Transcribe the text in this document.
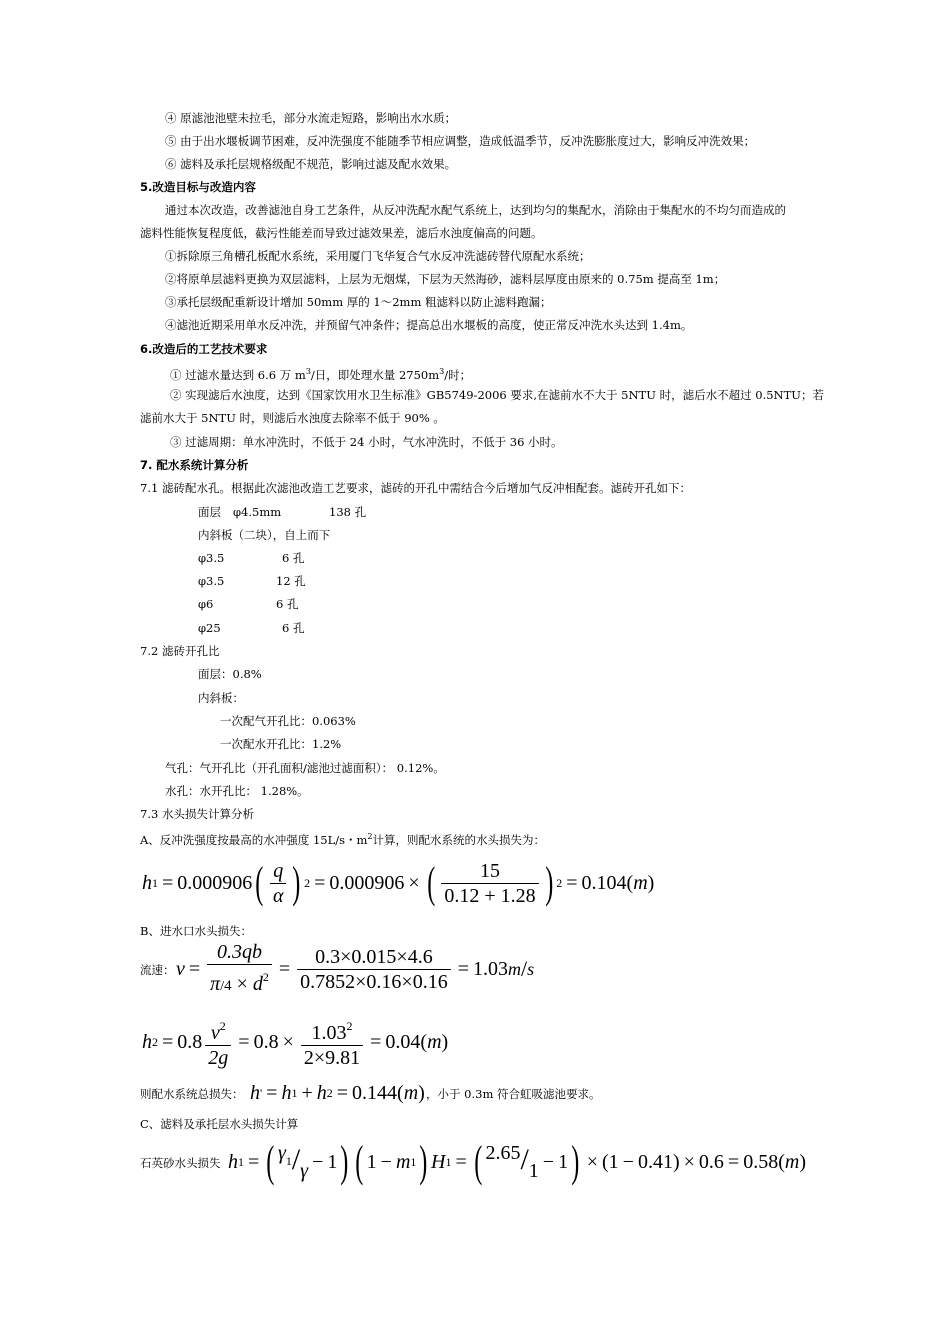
④ 原滤池池壁未拉毛，部分水流走短路，影响出水水质；
⑤ 由于出水堰板调节困难，反冲洗强度不能随季节相应调整，造成低温季节，反冲洗膨胀度过大，影响反冲洗效果；
⑥ 滤料及承托层规格级配不规范，影响过滤及配水效果。
5.改造目标与改造内容
通过本次改造，改善滤池自身工艺条件，从反冲洗配水配气系统上，达到均匀的集配水，消除由于集配水的不均匀而造成的
滤料性能恢复程度低，截污性能差而导致过滤效果差，滤后水浊度偏高的问题。
①拆除原三角槽孔板配水系统，采用厦门飞华复合气水反冲洗滤砖替代原配水系统；
②将原单层滤料更换为双层滤料，上层为无烟煤，下层为天然海砂，滤料层厚度由原来的 0.75m 提高至 1m；
③承托层级配重新设计增加 50mm 厚的 1～2mm 粗滤料以防止滤料跑漏；
④滤池近期采用单水反冲洗，并预留气冲条件；提高总出水堰板的高度，使正常反冲洗水头达到 1.4m。
6.改造后的工艺技术要求
① 过滤水量达到 6.6 万 $m^3/$日，即处理水量 $2750m^3/$时；
② 实现滤后水浊度，达到《国家饮用水卫生标准》GB5749-2006 要求,在滤前水不大于 5NTU 时，滤后水不超过 0.5NTU；若
滤前水大于 5NTU 时，则滤后水浊度去除率不低于 90% 。
③ 过滤周期：单水冲洗时，不低于 24 小时，气水冲洗时，不低于 36 小时。
7. 配水系统计算分析
7.1 滤砖配水孔。根据此次滤池改造工艺要求，滤砖的开孔中需结合今后增加气反冲相配套。滤砖开孔如下：
面层 φ4.5mm	138 孔
内斜板（二块），自上而下
φ3.5	6 孔
φ3.5	12 孔
φ6	6 孔
φ25	6 孔
7.2 滤砖开孔比
面层：0.8%
内斜板：
一次配气开孔比：0.063%
一次配水开孔比：1.2%
气孔：气开孔比（开孔面积/滤池过滤面积）： 0.12%。
水孔：水开孔比： 1.28%。
7.3 水头损失计算分析
A、反冲洗强度按最高的水冲强度 15L/s・$m^2$计算，则配水系统的水头损失为：
h 1 = 0.000906 ( $\frac{q}{\alpha}$ ) 2 = 0.000906 × ( $\frac{15}{0.12 + 1.28}$ ) 2 = 0.104 ( m )
B、进水口水头损失：
流速： $v = \frac{0.3qb}{\pi/4 \times d^2} = \frac{0.3\times 0.015\times 4.6}{0.7852\times 0.16\times 0.16} = 1.03$ m / s
h $2 = 0.8 \frac{v^2}{2g} = 0.8 \times \frac{1.03^2}{2\times 9.81} = 0.04$ ( m )
则配水系统总损失： h ' = h 1 + h 2 = 0.144 ( m ) ，小于 0.3m 符合虹吸滤池要求。
C、滤料及承托层水头损失计算
石英砂水头损失 h 1 = ( $\gamma^1/\gamma - 1$ ) ( 1 − m 1 ) H 1 = ( 2.65/1 − 1 ) × ( 1 − 0.41 ) × 0.6 = 0.58 ( m )
